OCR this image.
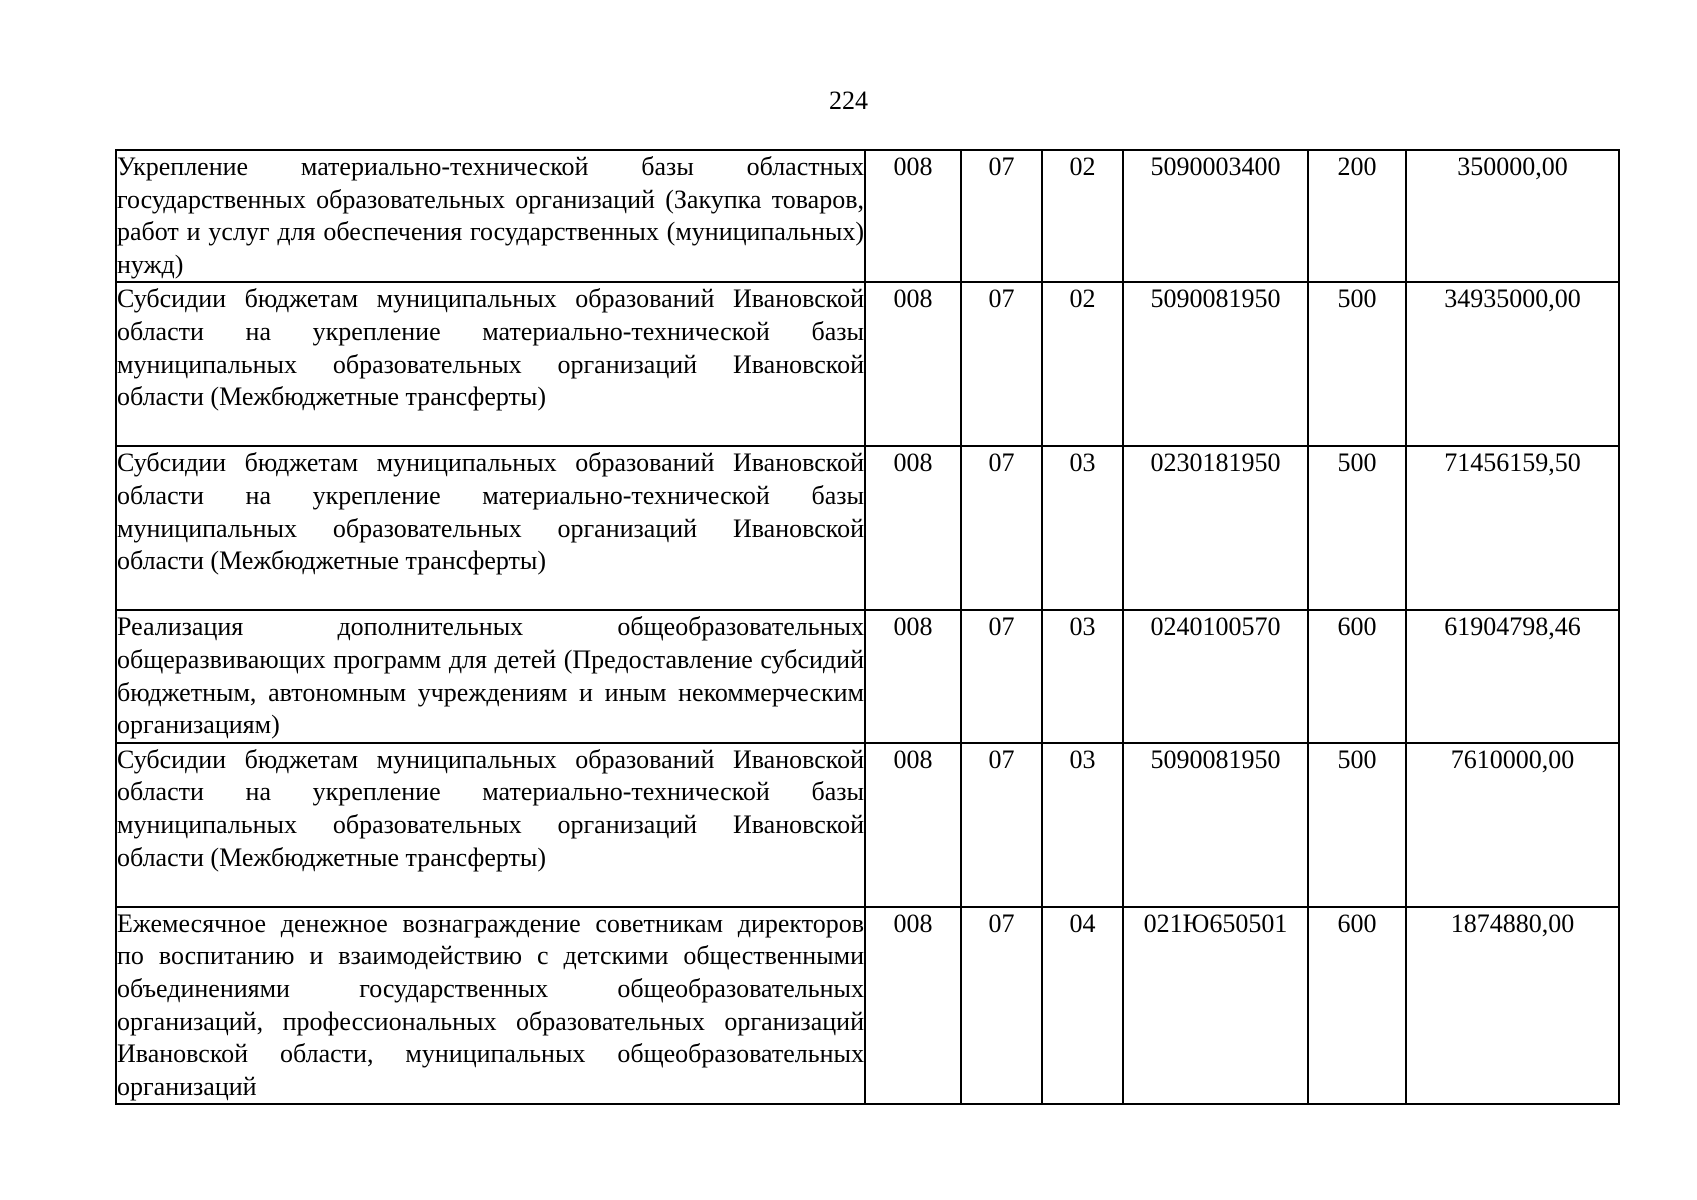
224
Укрепление материально-технической базы областных государственных образовательных организаций (Закупка товаров, работ и услуг для обеспечения государственных (муниципальных) нужд)	008	07	02	5090003400	200	350000,00
Субсидии бюджетам муниципальных образований Ивановской области на укрепление материально-технической базы муниципальных образовательных организаций Ивановской области (Межбюджетные трансферты)	008	07	02	5090081950	500	34935000,00
Субсидии бюджетам муниципальных образований Ивановской области на укрепление материально-технической базы муниципальных образовательных организаций Ивановской области (Межбюджетные трансферты)	008	07	03	0230181950	500	71456159,50
Реализация дополнительных общеобразовательных общеразвивающих программ для детей (Предоставление субсидий бюджетным, автономным учреждениям и иным некоммерческим организациям)	008	07	03	0240100570	600	61904798,46
Субсидии бюджетам муниципальных образований Ивановской области на укрепление материально-технической базы муниципальных образовательных организаций Ивановской области (Межбюджетные трансферты)	008	07	03	5090081950	500	7610000,00
Ежемесячное денежное вознаграждение советникам директоров по воспитанию и взаимодействию с детскими общественными объединениями государственных общеобразовательных организаций, профессиональных образовательных организаций Ивановской области, муниципальных общеобразовательных организаций	008	07	04	021Ю650501	600	1874880,00
